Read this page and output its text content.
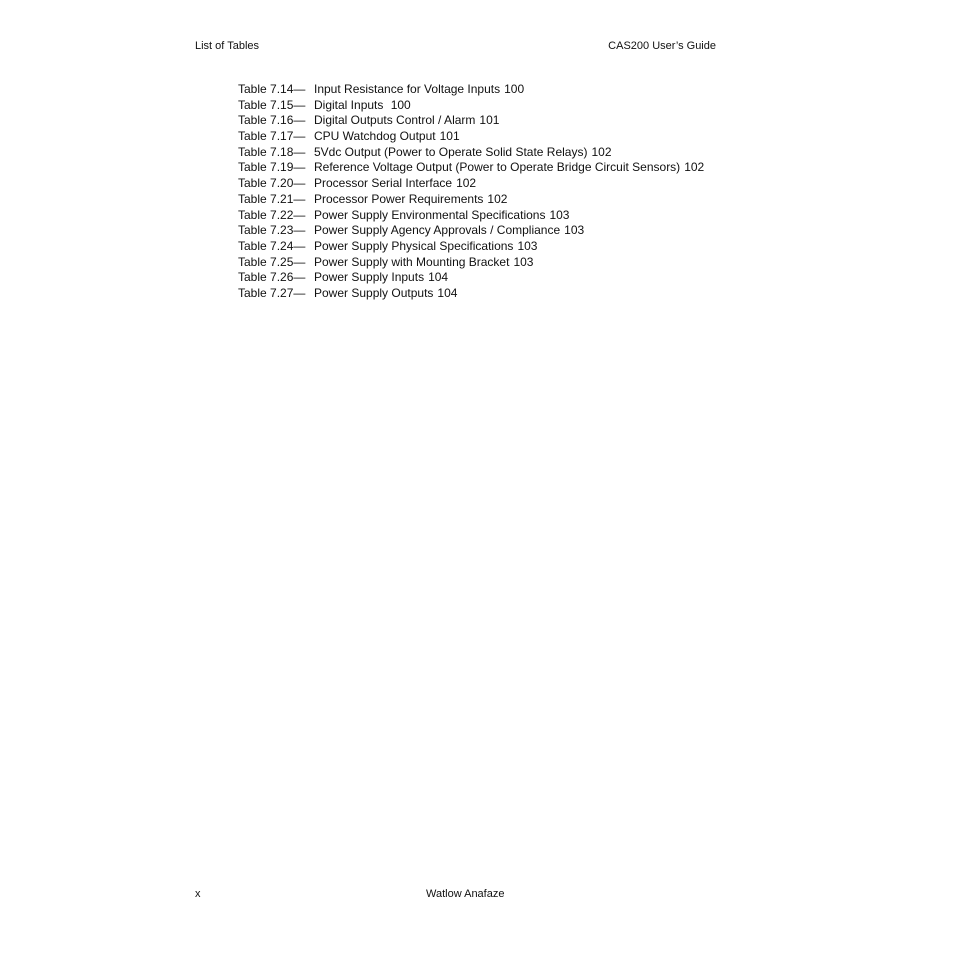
List of Tables	CAS200 User’s Guide
Table 7.14— Input Resistance for Voltage Inputs 100
Table 7.15— Digital Inputs 100
Table 7.16— Digital Outputs Control / Alarm 101
Table 7.17— CPU Watchdog Output 101
Table 7.18— 5Vdc Output (Power to Operate Solid State Relays) 102
Table 7.19— Reference Voltage Output (Power to Operate Bridge Circuit Sensors) 102
Table 7.20— Processor Serial Interface 102
Table 7.21— Processor Power Requirements 102
Table 7.22— Power Supply Environmental Specifications 103
Table 7.23— Power Supply Agency Approvals / Compliance 103
Table 7.24— Power Supply Physical Specifications 103
Table 7.25— Power Supply with Mounting Bracket 103
Table 7.26— Power Supply Inputs 104
Table 7.27— Power Supply Outputs 104
x	Watlow Anafaze
